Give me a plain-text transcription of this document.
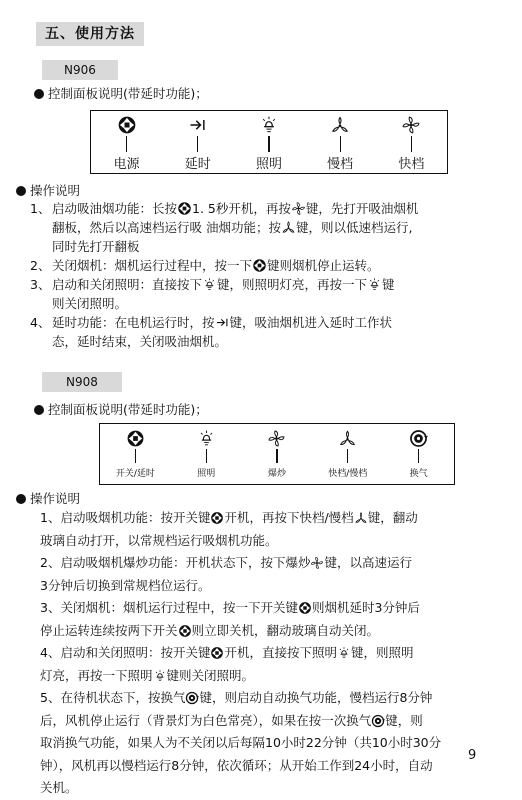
五、使用方法
N906
控制面板说明(带延时功能)；
电源	延时	照明	慢档	快档
操作说明
1、 启动吸油烟功能：长按 1. 5秒开机，再按 键，先打开吸油烟机
翻板，然后以高速档运行吸 油烟功能；按 键，则以低速档运行,
同时先打开翻板
2、 关闭烟机：烟机运行过程中，按一下 键则烟机停止运转。
3、 启动和关闭照明：直接按下 键，则照明灯亮，再按一下 键
则关闭照明。
4、 延时功能：在电机运行时，按 键，吸油烟机进入延时工作状
态，延时结束，关闭吸油烟机。
N908
控制面板说明(带延时功能)；
开关/延时	照明	爆炒	快档/慢档	换气
操作说明
1、启动吸烟机功能：按开关键 开机，再按下快档/慢档 键，翻动
玻璃自动打开，以常规档运行吸烟机功能。
2、启动吸烟机爆炒功能：开机状态下，按下爆炒 键，以高速运行
3分钟后切换到常规档位运行。
3、关闭烟机：烟机运行过程中，按一下开关键 则烟机延时3分钟后
停止运转连续按两下开关 则立即关机，翻动玻璃自动关闭。
4、启动和关闭照明：按开关键 开机，直接按下照明 键，则照明
灯亮，再按一下照明 键则关闭照明。
5、在待机状态下，按换气 键，则启动自动换气功能，慢档运行8分钟
后，风机停止运行（背景灯为白色常亮），如果在按一次换气 键，则
取消换气功能，如果人为不关闭以后每隔10小时22分钟（共10小时30分
钟），风机再以慢档运行8分钟，依次循环；从开始工作到24小时，自动
关机。
9
